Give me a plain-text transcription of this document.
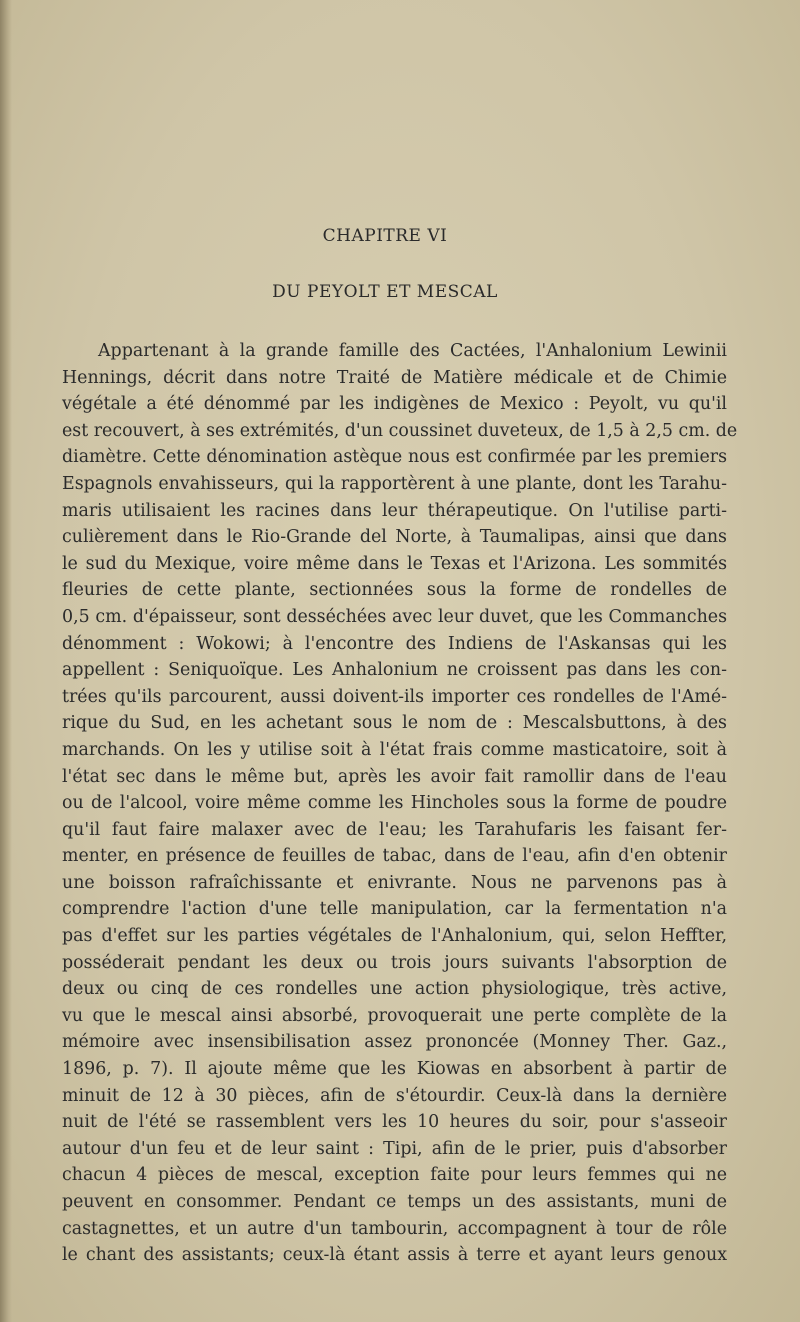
CHAPITRE VI
DU PEYOLT ET MESCAL

Appartenant à la grande famille des Cactées, l'Anhalonium Lewinii
Hennings, décrit dans notre Traité de Matière médicale et de Chimie
végétale a été dénommé par les indigènes de Mexico : Peyolt, vu qu'il
est recouvert, à ses extrémités, d'un coussinet duveteux, de 1,5 à 2,5 cm. de
diamètre. Cette dénomination astèque nous est confirmée par les premiers
Espagnols envahisseurs, qui la rapportèrent à une plante, dont les Tarahu-
maris utilisaient les racines dans leur thérapeutique. On l'utilise parti-
culièrement dans le Rio-Grande del Norte, à Taumalipas, ainsi que dans
le sud du Mexique, voire même dans le Texas et l'Arizona. Les sommités
fleuries de cette plante, sectionnées sous la forme de rondelles de
0,5 cm. d'épaisseur, sont desséchées avec leur duvet, que les Commanches
dénomment : Wokowi; à l'encontre des Indiens de l'Askansas qui les
appellent : Seniquoïque. Les Anhalonium ne croissent pas dans les con-
trées qu'ils parcourent, aussi doivent-ils importer ces rondelles de l'Amé-
rique du Sud, en les achetant sous le nom de : Mescalsbuttons, à des
marchands. On les y utilise soit à l'état frais comme masticatoire, soit à
l'état sec dans le même but, après les avoir fait ramollir dans de l'eau
ou de l'alcool, voire même comme les Hincholes sous la forme de poudre
qu'il faut faire malaxer avec de l'eau; les Tarahufaris les faisant fer-
menter, en présence de feuilles de tabac, dans de l'eau, afin d'en obtenir
une boisson rafraîchissante et enivrante. Nous ne parvenons pas à
comprendre l'action d'une telle manipulation, car la fermentation n'a
pas d'effet sur les parties végétales de l'Anhalonium, qui, selon Heffter,
posséderait pendant les deux ou trois jours suivants l'absorption de
deux ou cinq de ces rondelles une action physiologique, très active,
vu que le mescal ainsi absorbé, provoquerait une perte complète de la
mémoire avec insensibilisation assez prononcée (Monney Ther. Gaz.,
1896, p. 7). Il ajoute même que les Kiowas en absorbent à partir de
minuit de 12 à 30 pièces, afin de s'étourdir. Ceux-là dans la dernière
nuit de l'été se rassemblent vers les 10 heures du soir, pour s'asseoir
autour d'un feu et de leur saint : Tipi, afin de le prier, puis d'absorber
chacun 4 pièces de mescal, exception faite pour leurs femmes qui ne
peuvent en consommer. Pendant ce temps un des assistants, muni de
castagnettes, et un autre d'un tambourin, accompagnent à tour de rôle
le chant des assistants; ceux-là étant assis à terre et ayant leurs genoux
